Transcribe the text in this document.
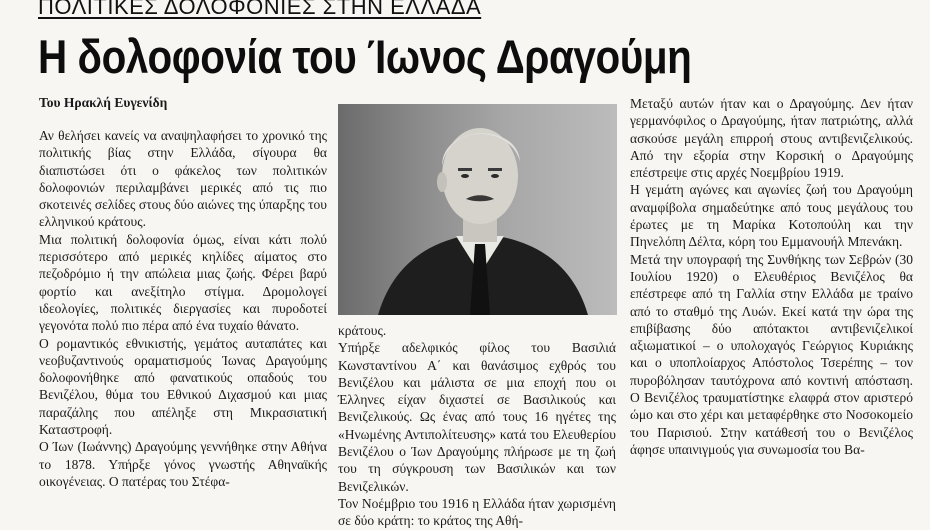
ΠΟΛΙΤΙΚΕΣ ΔΟΛΟΦΟΝΙΕΣ ΣΤΗΝ ΕΛΛΑΔΑ
Η δολοφονία του Ίωνος Δραγούμη
Του Ηρακλή Ευγενίδη

Αν θελήσει κανείς να αναψηλαφήσει το χρονικό της πολιτικής βίας στην Ελλάδα, σίγουρα θα διαπιστώσει ότι ο φάκελος των πολιτικών δολοφονιών περιλαμβάνει μερικές από τις πιο σκοτεινές σελίδες στους δύο αιώνες της ύπαρξης του ελληνικού κράτους.

Μια πολιτική δολοφονία όμως, είναι κάτι πολύ περισσότερο από μερικές κηλίδες αίματος στο πεζοδρόμιο ή την απώλεια μιας ζωής. Φέρει βαρύ φορτίο και ανεξίτηλο στίγμα. Δρομολογεί ιδεολογίες, πολιτικές διεργασίες και πυροδοτεί γεγονότα πολύ πιο πέρα από ένα τυχαίο θάνατο.

Ο ρομαντικός εθνικιστής, γεμάτος αυταπάτες και νεοβυζαντινούς οραματισμούς Ίωνας Δραγούμης δολοφονήθηκε από φανατικούς οπαδούς του Βενιζέλου, θύμα του Εθνικού Διχασμού και μιας παραζάλης που απέληξε στη Μικρασιατική Καταστροφή.

Ο Ίων (Ιωάννης) Δραγούμης γεννήθηκε στην Αθήνα το 1878. Υπήρξε γόνος γνωστής Αθηναϊκής οικογένειας. Ο πατέρας του Στέφα-

κράτους.

Υπήρξε αδελφικός φίλος του Βασιλιά Κωνσταντίνου Α΄ και θανάσιμος εχθρός του Βενιζέλου και μάλιστα σε μια εποχή που οι Έλληνες είχαν διχαστεί σε Βασιλικούς και Βενιζελικούς. Ως ένας από τους 16 ηγέτες της «Ηνωμένης Αντιπολίτευσης» κατά του Ελευθερίου Βενιζέλου ο Ίων Δραγούμης πλήρωσε με τη ζωή του τη σύγκρουση των Βασιλικών και των Βενιζελικών.

Τον Νοέμβριο του 1916 η Ελλάδα ήταν χωρισμένη σε δύο κράτη: το κράτος της Αθή-

Μεταξύ αυτών ήταν και ο Δραγούμης. Δεν ήταν γερμανόφιλος ο Δραγούμης, ήταν πατριώτης, αλλά ασκούσε μεγάλη επιρροή στους αντιβενιζελικούς. Από την εξορία στην Κορσική ο Δραγούμης επέστρεψε στις αρχές Νοεμβρίου 1919.

Η γεμάτη αγώνες και αγωνίες ζωή του Δραγούμη αναμφίβολα σημαδεύτηκε από τους μεγάλους του έρωτες με τη Μαρίκα Κοτοπούλη και την Πηνελόπη Δέλτα, κόρη του Εμμανουήλ Μπενάκη.

Μετά την υπογραφή της Συνθήκης των Σεβρών (30 Ιουλίου 1920) ο Ελευθέριος Βενιζέλος θα επέστρεφε από τη Γαλλία στην Ελλάδα με τραίνο από το σταθμό της Λυών. Εκεί κατά την ώρα της επιβίβασης δύο απότακτοι αντιβενιζελικοί αξιωματικοί – ο υπολοχαγός Γεώργιος Κυριάκης και ο υποπλοίαρχος Απόστολος Τσερέπης – τον πυροβόλησαν ταυτόχρονα από κοντινή απόσταση. Ο Βενιζέλος τραυματίστηκε ελαφρά στον αριστερό ώμο και στο χέρι και μεταφέρθηκε στο Νοσοκομείο του Παρισιού. Στην κατάθεσή του ο Βενιζέλος άφησε υπαινιγμούς για συνωμοσία του Βα-
